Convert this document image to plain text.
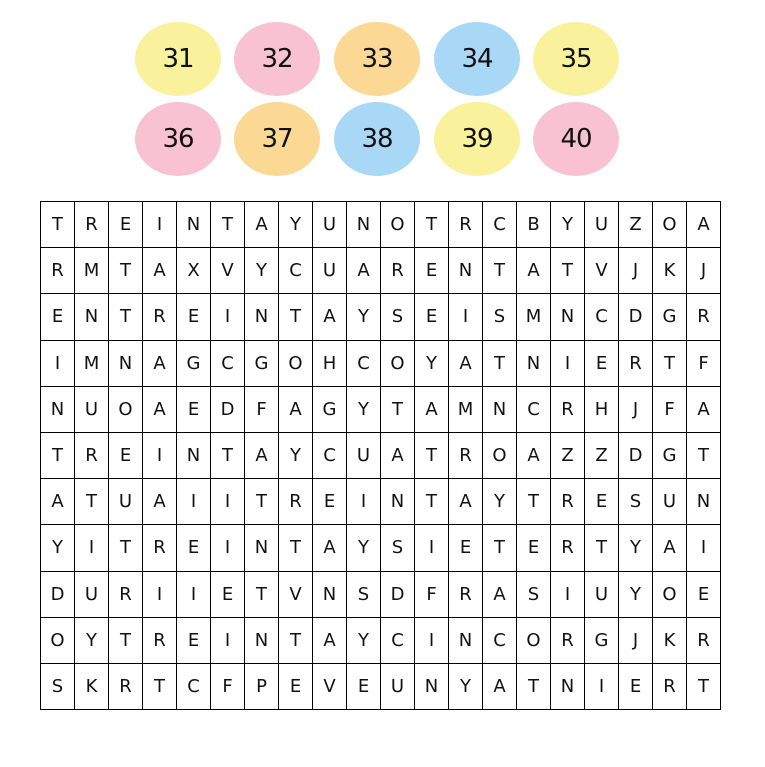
31	32	33	34	35
36	37	38	39	40
T	R	E	I	N	T	A	Y	U	N	O	T	R	C	B	Y	U	Z	O	A
R	M	T	A	X	V	Y	C	U	A	R	E	N	T	A	T	V	J	K	J
E	N	T	R	E	I	N	T	A	Y	S	E	I	S	M	N	C	D	G	R
I	M	N	A	G	C	G	O	H	C	O	Y	A	T	N	I	E	R	T	F
N	U	O	A	E	D	F	A	G	Y	T	A	M	N	C	R	H	J	F	A
T	R	E	I	N	T	A	Y	C	U	A	T	R	O	A	Z	Z	D	G	T
A	T	U	A	I	I	T	R	E	I	N	T	A	Y	T	R	E	S	U	N
Y	I	T	R	E	I	N	T	A	Y	S	I	E	T	E	R	T	Y	A	I
D	U	R	I	I	E	T	V	N	S	D	F	R	A	S	I	U	Y	O	E
O	Y	T	R	E	I	N	T	A	Y	C	I	N	C	O	R	G	J	K	R
S	K	R	T	C	F	P	E	V	E	U	N	Y	A	T	N	I	E	R	T
